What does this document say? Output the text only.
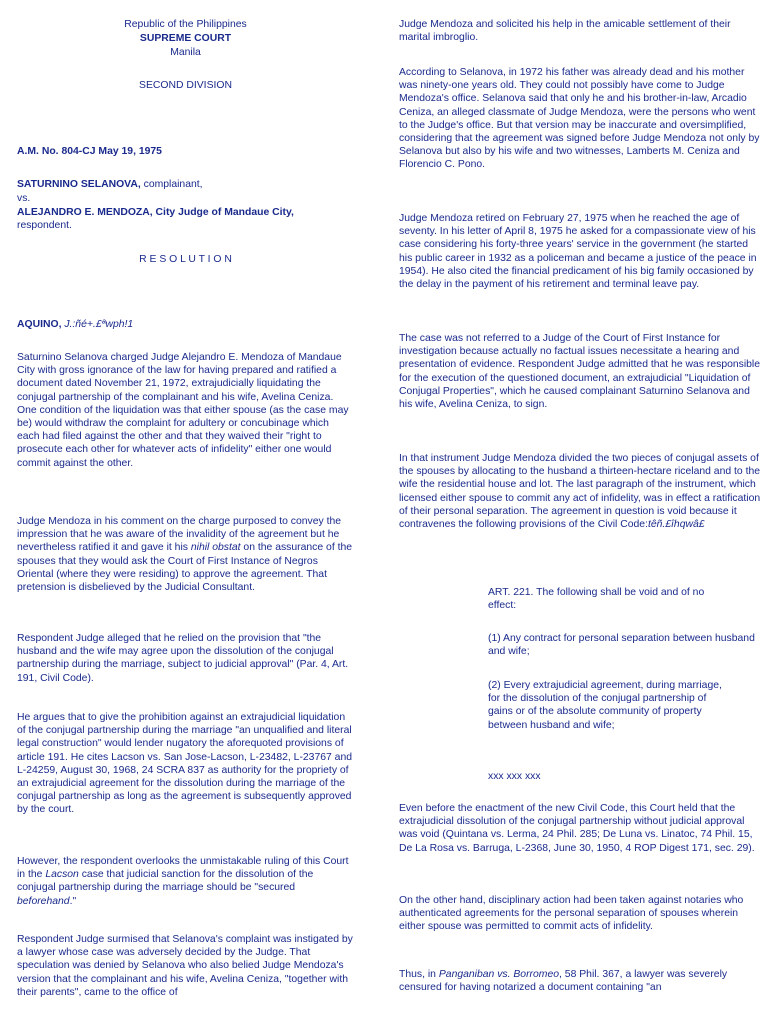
Republic of the Philippines

SUPREME COURT

Manila

SECOND DIVISION

A.M. No. 804-CJ May 19, 1975

SATURNINO SELANOVA, complainant,

vs.

ALEJANDRO E. MENDOZA, City Judge of Mandaue City, respondent.

R E S O L U T I O N

AQUINO, J.:ñé+.£ªwph!1

Saturnino Selanova charged Judge Alejandro E. Mendoza of Mandaue City with gross ignorance of the law for having prepared and ratified a document dated November 21, 1972, extrajudicially liquidating the conjugal partnership of the complainant and his wife, Avelina Ceniza. One condition of the liquidation was that either spouse (as the case may be) would withdraw the complaint for adultery or concubinage which each had filed against the other and that they waived their "right to prosecute each other for whatever acts of infidelity" either one would commit against the other.

Judge Mendoza in his comment on the charge purposed to convey the impression that he was aware of the invalidity of the agreement but he nevertheless ratified it and gave it his nihil obstat on the assurance of the spouses that they would ask the Court of First Instance of Negros Oriental (where they were residing) to approve the agreement. That pretension is disbelieved by the Judicial Consultant.

Respondent Judge alleged that he relied on the provision that "the husband and the wife may agree upon the dissolution of the conjugal partnership during the marriage, subject to judicial approval" (Par. 4, Art. 191, Civil Code).

He argues that to give the prohibition against an extrajudicial liquidation of the conjugal partnership during the marriage "an unqualified and literal legal construction" would lender nugatory the aforequoted provisions of article 191. He cites Lacson vs. San Jose-Lacson, L-23482, L-23767 and L-24259, August 30, 1968, 24 SCRA 837 as authority for the propriety of an extrajudicial agreement for the dissolution during the marriage of the conjugal partnership as long as the agreement is subsequently approved by the court.

However, the respondent overlooks the unmistakable ruling of this Court in the Lacson case that judicial sanction for the dissolution of the conjugal partnership during the marriage should be "secured beforehand."

Respondent Judge surmised that Selanova's complaint was instigated by a lawyer whose case was adversely decided by the Judge. That speculation was denied by Selanova who also belied Judge Mendoza's version that the complainant and his wife, Avelina Ceniza, "together with their parents", came to the office of

Judge Mendoza and solicited his help in the amicable settlement of their marital imbroglio.

According to Selanova, in 1972 his father was already dead and his mother was ninety-one years old. They could not possibly have come to Judge Mendoza's office. Selanova said that only he and his brother-in-law, Arcadio Ceniza, an alleged classmate of Judge Mendoza, were the persons who went to the Judge's office. But that version may be inaccurate and oversimplified, considering that the agreement was signed before Judge Mendoza not only by Selanova but also by his wife and two witnesses, Lamberts M. Ceniza and Florencio C. Pono.

Judge Mendoza retired on February 27, 1975 when he reached the age of seventy. In his letter of April 8, 1975 he asked for a compassionate view of his case considering his forty-three years' service in the government (he started his public career in 1932 as a policeman and became a justice of the peace in 1954). He also cited the financial predicament of his big family occasioned by the delay in the payment of his retirement and terminal leave pay.

The case was not referred to a Judge of the Court of First Instance for investigation because actually no factual issues necessitate a hearing and presentation of evidence. Respondent Judge admitted that he was responsible for the execution of the questioned document, an extrajudicial "Liquidation of Conjugal Properties", which he caused complainant Saturnino Selanova and his wife, Avelina Ceniza, to sign.

In that instrument Judge Mendoza divided the two pieces of conjugal assets of the spouses by allocating to the husband a thirteen-hectare riceland and to the wife the residential house and lot. The last paragraph of the instrument, which licensed either spouse to commit any act of infidelity, was in effect a ratification of their personal separation. The agreement in question is void because it contravenes the following provisions of the Civil Code:têñ.£îhqwâ£

ART. 221. The following shall be void and of no effect:

(1) Any contract for personal separation between husband and wife;

(2) Every extrajudicial agreement, during marriage, for the dissolution of the conjugal partnership of gains or of the absolute community of property between husband and wife;

xxx xxx xxx

Even before the enactment of the new Civil Code, this Court held that the extrajudicial dissolution of the conjugal partnership without judicial approval was void (Quintana vs. Lerma, 24 Phil. 285; De Luna vs. Linatoc, 74 Phil. 15, De La Rosa vs. Barruga, L-2368, June 30, 1950, 4 ROP Digest 171, sec. 29).

On the other hand, disciplinary action had been taken against notaries who authenticated agreements for the personal separation of spouses wherein either spouse was permitted to commit acts of infidelity.

Thus, in Panganiban vs. Borromeo, 58 Phil. 367, a lawyer was severely censured for having notarized a document containing "an
